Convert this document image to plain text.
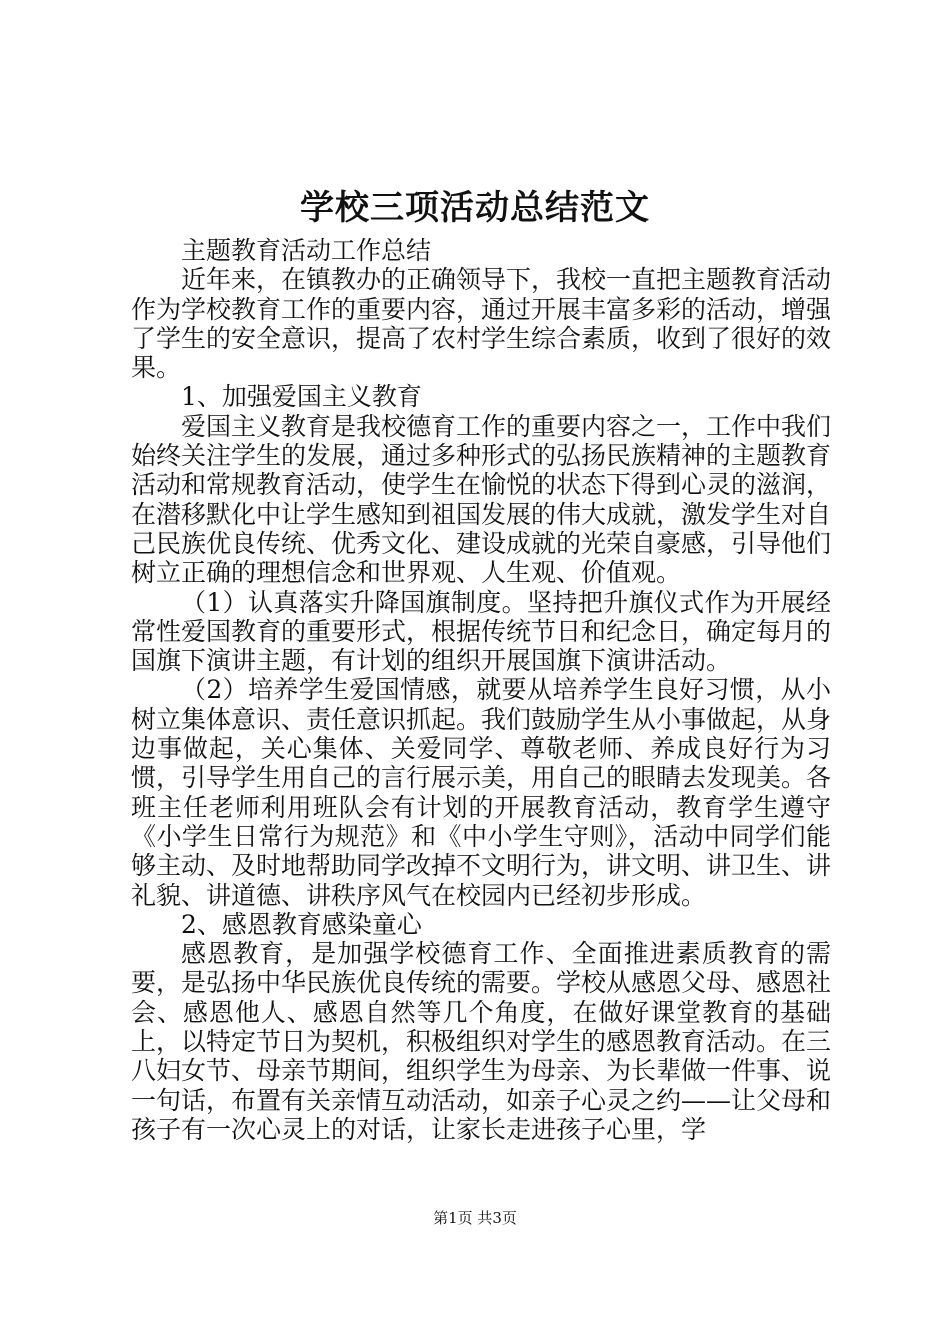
学校三项活动总结范文

主题教育活动工作总结

近年来，在镇教办的正确领导下，我校一直把主题教育活动作为学校教育工作的重要内容，通过开展丰富多彩的活动，增强了学生的安全意识，提高了农村学生综合素质，收到了很好的效果。

1、加强爱国主义教育

爱国主义教育是我校德育工作的重要内容之一，工作中我们始终关注学生的发展，通过多种形式的弘扬民族精神的主题教育活动和常规教育活动，使学生在愉悦的状态下得到心灵的滋润，在潜移默化中让学生感知到祖国发展的伟大成就，激发学生对自己民族优良传统、优秀文化、建设成就的光荣自豪感，引导他们树立正确的理想信念和世界观、人生观、价值观。

（1）认真落实升降国旗制度。坚持把升旗仪式作为开展经常性爱国教育的重要形式，根据传统节日和纪念日，确定每月的国旗下演讲主题，有计划的组织开展国旗下演讲活动。

（2）培养学生爱国情感，就要从培养学生良好习惯，从小树立集体意识、责任意识抓起。我们鼓励学生从小事做起，从身边事做起，关心集体、关爱同学、尊敬老师、养成良好行为习惯，引导学生用自己的言行展示美，用自己的眼睛去发现美。各班主任老师利用班队会有计划的开展教育活动，教育学生遵守《小学生日常行为规范》和《中小学生守则》，活动中同学们能够主动、及时地帮助同学改掉不文明行为，讲文明、讲卫生、讲礼貌、讲道德、讲秩序风气在校园内已经初步形成。

2、感恩教育感染童心

感恩教育，是加强学校德育工作、全面推进素质教育的需要，是弘扬中华民族优良传统的需要。学校从感恩父母、感恩社会、感恩他人、感恩自然等几个角度，在做好课堂教育的基础上，以特定节日为契机，积极组织对学生的感恩教育活动。在三八妇女节、母亲节期间，组织学生为母亲、为长辈做一件事、说一句话，布置有关亲情互动活动，如亲子心灵之约——让父母和孩子有一次心灵上的对话，让家长走进孩子心里，学

第1页 共3页
